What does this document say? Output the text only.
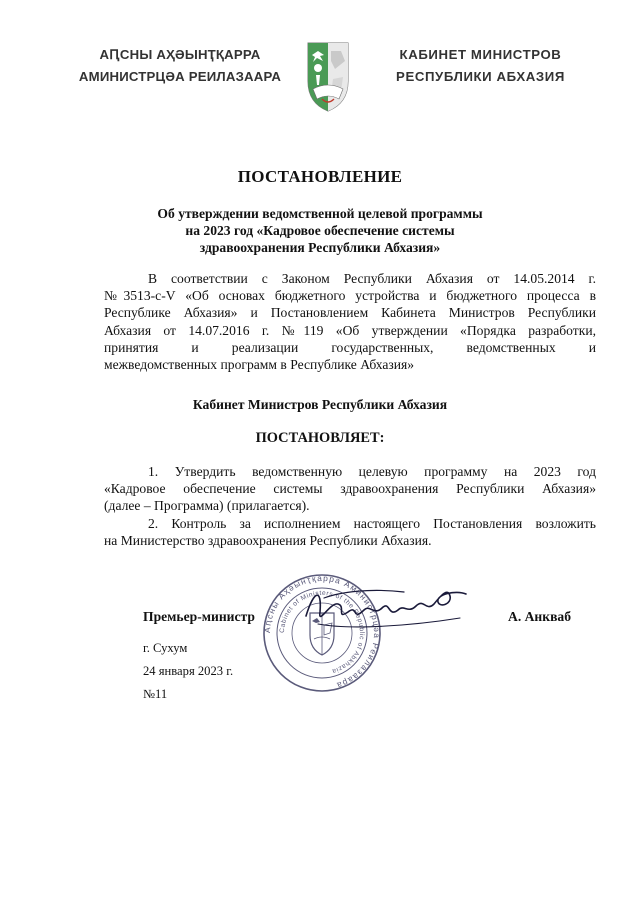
АԤСНЫ АҲӘЫНҬҚАРРА
АМИНИСТРЦӘА РЕИЛАЗААРА
КАБИНЕТ МИНИСТРОВ
РЕСПУБЛИКИ АБХАЗИЯ
ПОСТАНОВЛЕНИЕ
Об утверждении ведомственной целевой программы
на 2023 год «Кадровое обеспечение системы
здравоохранения Республики Абхазия»
В соответствии с Законом Республики Абхазия от 14.05.2014 г.
№3513-с-V «Об основах бюджетного устройства и бюджетного процесса в
Республике Абхазия» и Постановлением Кабинета Министров Республики
Абхазия от 14.07.2016 г. №119 «Об утверждении «Порядка разработки,
принятия и реализации государственных, ведомственных и
межведомственных программ в Республике Абхазия»
Кабинет Министров Республики Абхазия
ПОСТАНОВЛЯЕТ:
1. Утвердить ведомственную целевую программу на 2023 год
«Кадровое обеспечение системы здравоохранения Республики Абхазия»
(далее – Программа) (прилагается).
2. Контроль за исполнением настоящего Постановления возложить
на Министерство здравоохранения Республики Абхазия.
Аԥсны Аҳәынҭқарра Аминистрцәа Реилазаара
Cabinet of Ministers of the Republic of Abkhazia
Премьер-министр	А. Анкваб
г. Сухум
24 января 2023 г.
№11
